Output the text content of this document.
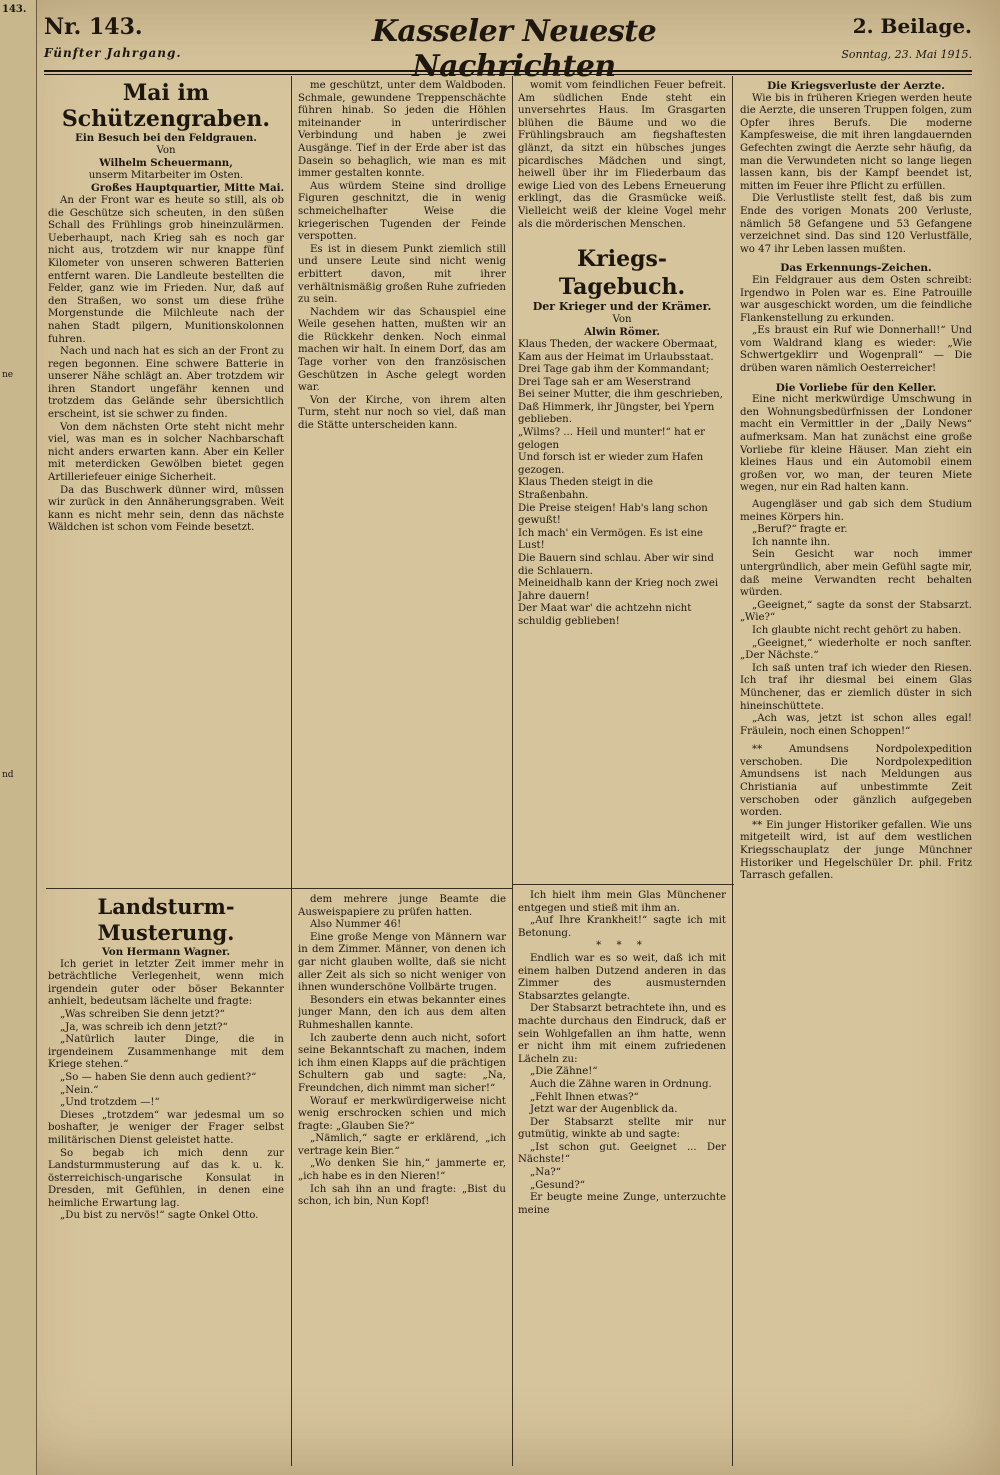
143.
ne
nd
Nr. 143.
Fünfter Jahrgang.
Kasseler Neueste Nachrichten
2. Beilage.
Sonntag, 23. Mai 1915.

Mai im Schützengraben.

Ein Besuch bei den Feldgrauen.

Von

Wilhelm Scheuermann,

unserm Mitarbeiter im Osten.

Großes Hauptquartier, Mitte Mai.

An der Front war es heute so still, als ob die Geschütze sich scheuten, in den süßen Schall des Frühlings grob hineinzulärmen. Ueberhaupt, nach Krieg sah es noch gar nicht aus, trotzdem wir nur knappe fünf Kilometer von unseren schweren Batterien entfernt waren. Die Landleute bestellten die Felder, ganz wie im Frieden. Nur, daß auf den Straßen, wo sonst um diese frühe Morgenstunde die Milchleute nach der nahen Stadt pilgern, Munitionskolonnen fuhren.

Nach und nach hat es sich an der Front zu regen begonnen. Eine schwere Batterie in unserer Nähe schlägt an. Aber trotzdem wir ihren Standort ungefähr kennen und trotzdem das Gelände sehr übersichtlich erscheint, ist sie schwer zu finden.

Von dem nächsten Orte steht nicht mehr viel, was man es in solcher Nachbarschaft nicht anders erwarten kann. Aber ein Keller mit meterdicken Gewölben bietet gegen Artilleriefeuer einige Sicherheit.

Da das Buschwerk dünner wird, müssen wir zurück in den Annäherungsgraben. Weit kann es nicht mehr sein, denn das nächste Wäldchen ist schon vom Feinde besetzt.

me geschützt, unter dem Waldboden. Schmale, gewundene Treppenschächte führen hinab. So jeden die Höhlen miteinander in unterirdischer Verbindung und haben je zwei Ausgänge. Tief in der Erde aber ist das Dasein so behaglich, wie man es mit immer gestalten konnte.

Aus würdem Steine sind drollige Figuren geschnitzt, die in wenig schmeichelhafter Weise die kriegerischen Tugenden der Feinde verspotten.

Es ist in diesem Punkt ziemlich still und unsere Leute sind nicht wenig erbittert davon, mit ihrer verhältnismäßig großen Ruhe zufrieden zu sein.

Nachdem wir das Schauspiel eine Weile gesehen hatten, mußten wir an die Rückkehr denken. Noch einmal machen wir halt. In einem Dorf, das am Tage vorher von den französischen Geschützen in Asche gelegt worden war.

Von der Kirche, von ihrem alten Turm, steht nur noch so viel, daß man die Stätte unterscheiden kann.

womit vom feindlichen Feuer befreit. Am südlichen Ende steht ein unversehrtes Haus. Im Grasgarten blühen die Bäume und wo die Frühlingsbrauch am fiegshaftesten glänzt, da sitzt ein hübsches junges picardisches Mädchen und singt, heiwell über ihr im Fliederbaum das ewige Lied von des Lebens Erneuerung erklingt, das die Grasmücke weiß. Vielleicht weiß der kleine Vogel mehr als die mörderischen Menschen.

Kriegs-Tagebuch.

Der Krieger und der Krämer.

Von

Alwin Römer.

Klaus Theden, der wackere Obermaat,

Kam aus der Heimat im Urlaubsstaat.

Drei Tage gab ihm der Kommandant;

Drei Tage sah er am Weserstrand

Bei seiner Mutter, die ihm geschrieben,

Daß Himmerk, ihr Jüngster, bei Ypern geblieben.

„Wilms? ... Heil und munter!“ hat er gelogen

Und forsch ist er wieder zum Hafen gezogen.

Klaus Theden steigt in die Straßenbahn.

Die Preise steigen! Hab's lang schon gewußt!

Ich mach' ein Vermögen. Es ist eine Lust!

Die Bauern sind schlau. Aber wir sind die Schlauern.

Meineidhalb kann der Krieg noch zwei Jahre dauern!

Der Maat war' die achtzehn nicht schuldig geblieben!

Die Kriegsverluste der Aerzte.

Wie bis in früheren Kriegen werden heute die Aerzte, die unseren Truppen folgen, zum Opfer ihres Berufs. Die moderne Kampfesweise, die mit ihren langdauernden Gefechten zwingt die Aerzte sehr häufig, da man die Verwundeten nicht so lange liegen lassen kann, bis der Kampf beendet ist, mitten im Feuer ihre Pflicht zu erfüllen.

Die Verlustliste stellt fest, daß bis zum Ende des vorigen Monats 200 Verluste, nämlich 58 Gefangene und 53 Gefangene verzeichnet sind. Das sind 120 Verlustfälle, wo 47 ihr Leben lassen mußten.

Das Erkennungs-Zeichen.

Ein Feldgrauer aus dem Osten schreibt: Irgendwo in Polen war es. Eine Patrouille war ausgeschickt worden, um die feindliche Flankenstellung zu erkunden.

„Es braust ein Ruf wie Donnerhall!“ Und vom Waldrand klang es wieder: „Wie Schwertgeklirr und Wogenprall“ — Die drüben waren nämlich Oesterreicher!

Die Vorliebe für den Keller.

Eine nicht merkwürdige Umschwung in den Wohnungsbedürfnissen der Londoner macht ein Vermittler in der „Daily News“ aufmerksam. Man hat zunächst eine große Vorliebe für kleine Häuser. Man zieht ein kleines Haus und ein Automobil einem großen vor, wo man, der teuren Miete wegen, nur ein Rad halten kann.

Augengläser und gab sich dem Studium meines Körpers hin.

„Beruf?“ fragte er.

Ich nannte ihn.

Sein Gesicht war noch immer untergründlich, aber mein Gefühl sagte mir, daß meine Verwandten recht behalten würden.

„Geeignet,“ sagte da sonst der Stabsarzt. „Wie?“

Ich glaubte nicht recht gehört zu haben.

„Geeignet,“ wiederholte er noch sanfter. „Der Nächste.“

Ich saß unten traf ich wieder den Riesen. Ich traf ihr diesmal bei einem Glas Münchener, das er ziemlich düster in sich hineinschüttete.

„Ach was, jetzt ist schon alles egal! Fräulein, noch einen Schoppen!“

** Amundsens Nordpolexpedition verschoben. Die Nordpolexpedition Amundsens ist nach Meldungen aus Christiania auf unbestimmte Zeit verschoben oder gänzlich aufgegeben worden.

** Ein junger Historiker gefallen. Wie uns mitgeteilt wird, ist auf dem westlichen Kriegsschauplatz der junge Münchner Historiker und Hegelschüler Dr. phil. Fritz Tarrasch gefallen.

Landsturm-Musterung.

Von Hermann Wagner.

Ich geriet in letzter Zeit immer mehr in beträchtliche Verlegenheit, wenn mich irgendein guter oder böser Bekannter anhielt, bedeutsam lächelte und fragte:

„Was schreiben Sie denn jetzt?“

„Ja, was schreib ich denn jetzt?“

„Natürlich lauter Dinge, die in irgendeinem Zusammenhange mit dem Kriege stehen.“

„So — haben Sie denn auch gedient?“

„Nein.“

„Und trotzdem —!“

Dieses „trotzdem“ war jedesmal um so boshafter, je weniger der Frager selbst militärischen Dienst geleistet hatte.

So begab ich mich denn zur Landsturmmusterung auf das k. u. k. österreichisch-ungarische Konsulat in Dresden, mit Gefühlen, in denen eine heimliche Erwartung lag.

„Du bist zu nervös!“ sagte Onkel Otto.

dem mehrere junge Beamte die Ausweispapiere zu prüfen hatten.

Also Nummer 46!

Eine große Menge von Männern war in dem Zimmer. Männer, von denen ich gar nicht glauben wollte, daß sie nicht aller Zeit als sich so nicht weniger von ihnen wunderschöne Vollbärte trugen.

Besonders ein etwas bekannter eines junger Mann, den ich aus dem alten Ruhmeshallen kannte.

Ich zauberte denn auch nicht, sofort seine Bekanntschaft zu machen, indem ich ihm einen Klapps auf die prächtigen Schultern gab und sagte: „Na, Freundchen, dich nimmt man sicher!“

Worauf er merkwürdigerweise nicht wenig erschrocken schien und mich fragte: „Glauben Sie?“

„Nämlich,“ sagte er erklärend, „ich vertrage kein Bier.“

„Wo denken Sie hin,“ jammerte er, „ich habe es in den Nieren!“

Ich sah ihn an und fragte: „Bist du schon, ich bin, Nun Kopf!

Ich hielt ihm mein Glas Münchener entgegen und stieß mit ihm an.

„Auf Ihre Krankheit!“ sagte ich mit Betonung.

* * *

Endlich war es so weit, daß ich mit einem halben Dutzend anderen in das Zimmer des ausmusternden Stabsarztes gelangte.

Der Stabsarzt betrachtete ihn, und es machte durchaus den Eindruck, daß er sein Wohlgefallen an ihm hatte, wenn er nicht ihm mit einem zufriedenen Lächeln zu:

„Die Zähne!“

Auch die Zähne waren in Ordnung.

„Fehlt Ihnen etwas?“

Jetzt war der Augenblick da.

Der Stabsarzt stellte mir nur gutmütig, winkte ab und sagte:

„Ist schon gut. Geeignet ... Der Nächste!“

„Na?“

„Gesund?“

Er beugte meine Zunge, unterzuchte meine
